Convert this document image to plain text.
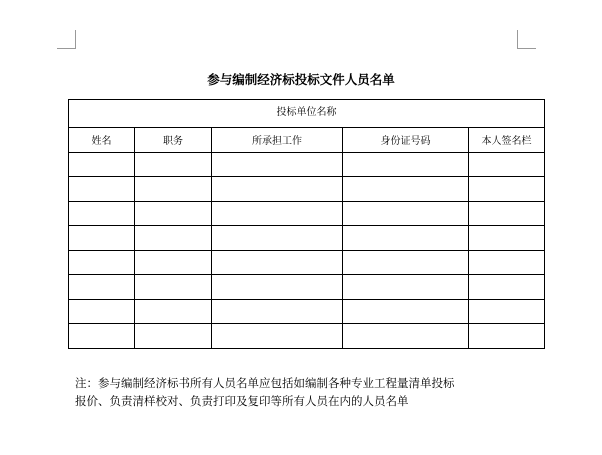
参与编制经济标投标文件人员名单
投标单位名称				
姓名	职务	所承担工作	身份证号码	本人签名栏

注：参与编制经济标书所有人员名单应包括如编制各种专业工程量清单投标
报价、负责清样校对、负责打印及复印等所有人员在内的人员名单
